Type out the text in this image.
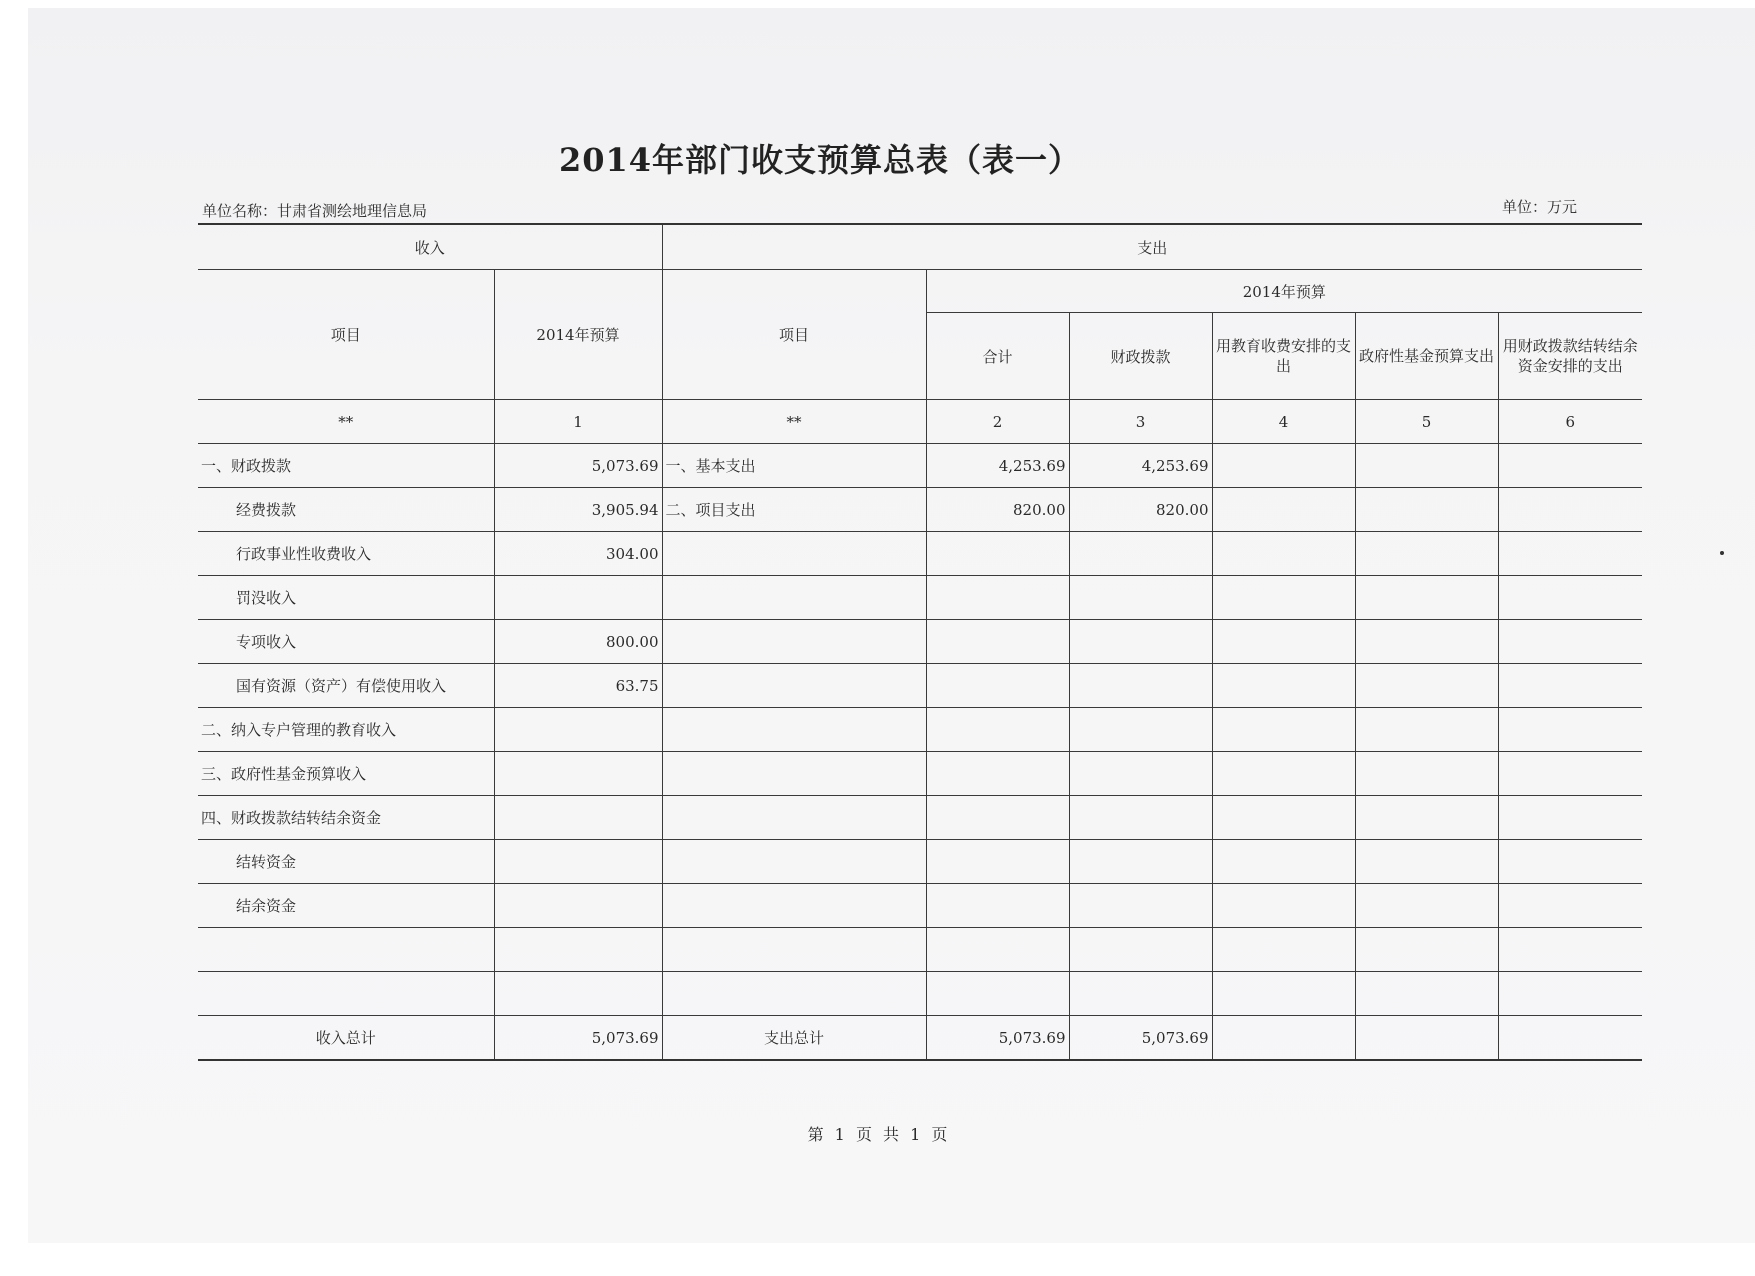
2014年部门收支预算总表（表一）
单位名称：甘肃省测绘地理信息局	单位：万元
收入		支出					
项目	2014年预算	项目	2014年预算				
			合计	财政拨款	用教育收费安排的支出	政府性基金预算支出	用财政拨款结转结余资金安排的支出
**	1	**	2	3	4	5	6
一、财政拨款	5,073.69	一、基本支出	4,253.69	4,253.69			
经费拨款	3,905.94	二、项目支出	820.00	820.00			
行政事业性收费收入	304.00						
罚没收入							
专项收入	800.00						
国有资源（资产）有偿使用收入	63.75						
二、纳入专户管理的教育收入							
三、政府性基金预算收入							
四、财政拨款结转结余资金							
结转资金							
结余资金							

收入总计	5,073.69	支出总计	5,073.69	5,073.69			
第 1 页 共 1 页
